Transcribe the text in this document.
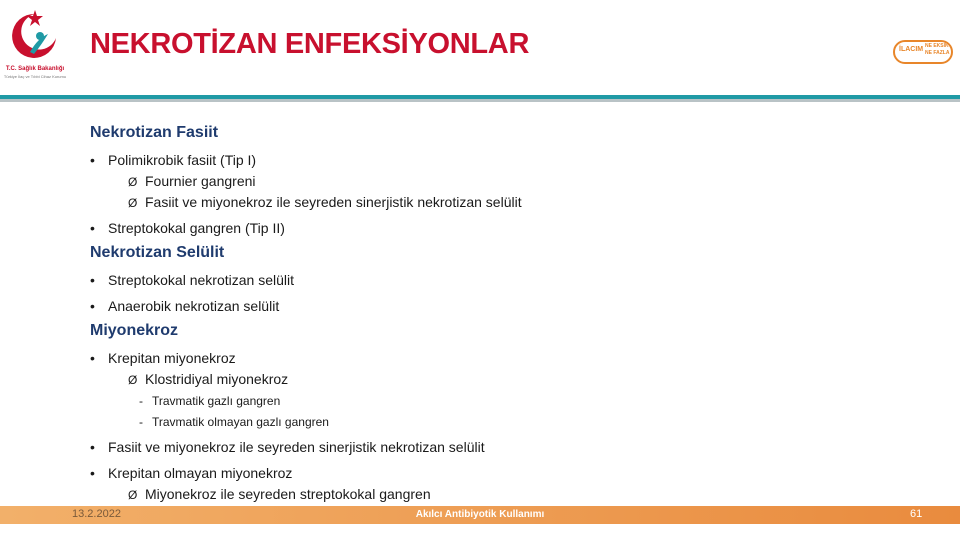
T.C. Sağlık Bakanlığı
Türkiye İlaç ve Tıbbi Cihaz Kurumu
NEKROTİZAN ENFEKSİYONLAR	İLACIM NE EKSİK
NE FAZLA
Nekrotizan Fasiit
• Polimikrobik fasiit (Tip I)
Ø Fournier gangreni
Ø Fasiit ve miyonekroz ile seyreden sinerjistik nekrotizan selülit
• Streptokokal gangren (Tip II)
Nekrotizan Selülit
• Streptokokal nekrotizan selülit
• Anaerobik nekrotizan selülit
Miyonekroz
• Krepitan miyonekroz
Ø Klostridiyal miyonekroz
- Travmatik gazlı gangren
- Travmatik olmayan gazlı gangren
• Fasiit ve miyonekroz ile seyreden sinerjistik nekrotizan selülit
• Krepitan olmayan miyonekroz
Ø Miyonekroz ile seyreden streptokokal gangren
13.2.2022	Akılcı Antibiyotik Kullanımı	61
